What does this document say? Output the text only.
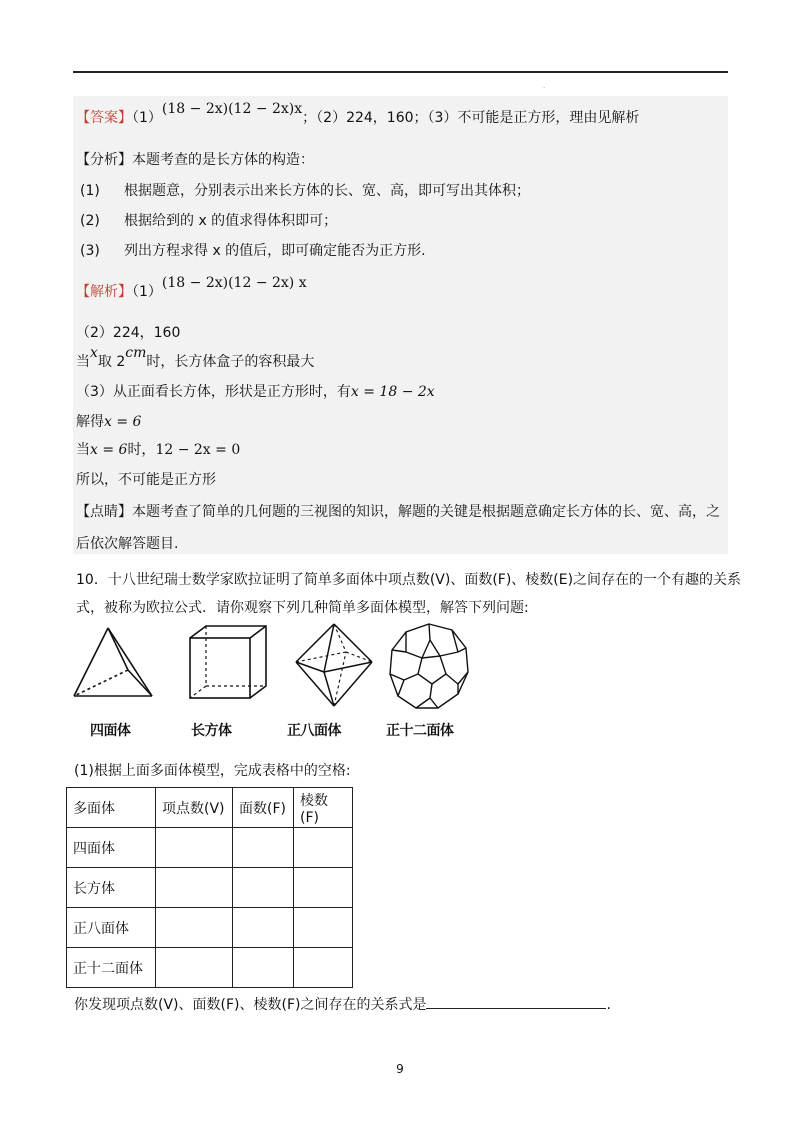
·
【答案】（1）(18 − 2x)(12 − 2x)x；（2）224，160；（3）不可能是正方形，理由见解析
【分析】本题考查的是长方体的构造：
(1) 根据题意，分别表示出来长方体的长、宽、高，即可写出其体积；
(2) 根据给到的 x 的值求得体积即可；
(3) 列出方程求得 x 的值后，即可确定能否为正方形.
【解析】（1）(18 − 2x)(12 − 2x) x
（2）224，160
当x取 2cm时，长方体盒子的容积最大
（3）从正面看长方体，形状是正方形时，有x = 18 − 2x
解得x = 6
当x = 6时，12 − 2x = 0
所以，不可能是正方形
【点睛】本题考查了简单的几何题的三视图的知识，解题的关键是根据题意确定长方体的长、宽、高，之
后依次解答题目.
10．十八世纪瑞士数学家欧拉证明了简单多面体中项点数(V)、面数(F)、棱数(E)之间存在的一个有趣的关系
式，被称为欧拉公式．请你观察下列几种简单多面体模型，解答下列问题:
四面体	长方体	正八面体	正十二面体
(1)根据上面多面体模型，完成表格中的空格:
多面体	项点数(V)	面数(F)	棱数(F)
四面体			
长方体			
正八面体			
正十二面体			
你发现项点数(V)、面数(F)、棱数(F)之间存在的关系式是	.
9
